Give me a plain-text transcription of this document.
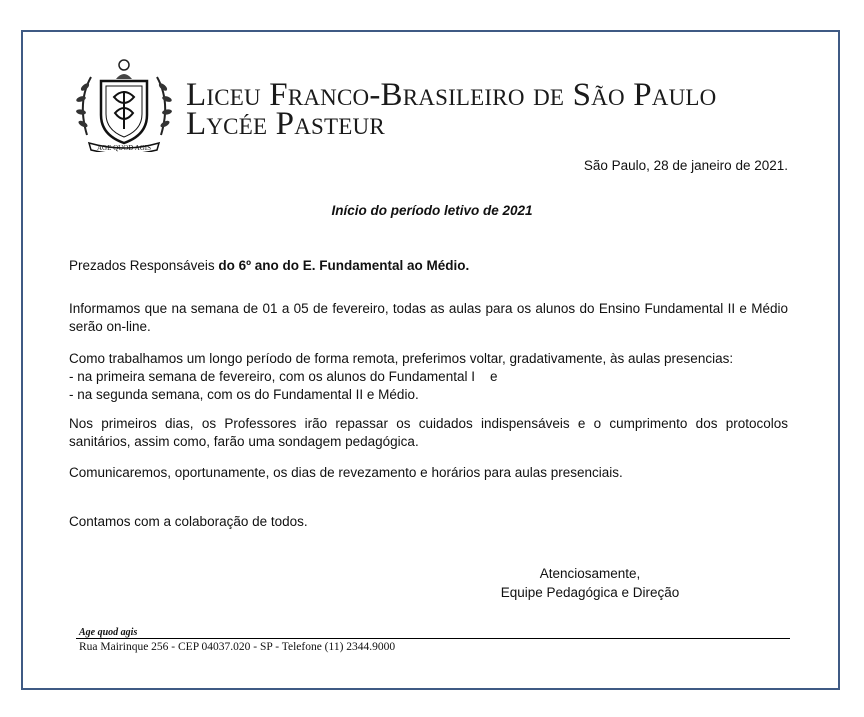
AGE QUOD AGIS
Liceu Franco-Brasileiro de São Paulo
Lycée Pasteur
São Paulo, 28 de janeiro de 2021.
Início do período letivo de 2021
Prezados Responsáveis do 6º ano do E. Fundamental ao Médio.
Informamos que na semana de 01 a 05 de fevereiro, todas as aulas para os alunos do Ensino Fundamental II e Médio serão on-line.
Como trabalhamos um longo período de forma remota, preferimos voltar, gradativamente, às aulas presencias:
- na primeira semana de fevereiro, com os alunos do Fundamental I    e
- na segunda semana, com os do Fundamental II e Médio.
Nos primeiros dias, os Professores irão repassar os cuidados indispensáveis e o cumprimento dos protocolos sanitários, assim como, farão uma sondagem pedagógica.
Comunicaremos, oportunamente, os dias de revezamento e horários para aulas presenciais.
Contamos com a colaboração de todos.
Atenciosamente,
Equipe Pedagógica e Direção
Age quod agis
Rua Mairinque 256 - CEP 04037.020 - SP - Telefone (11) 2344.9000
